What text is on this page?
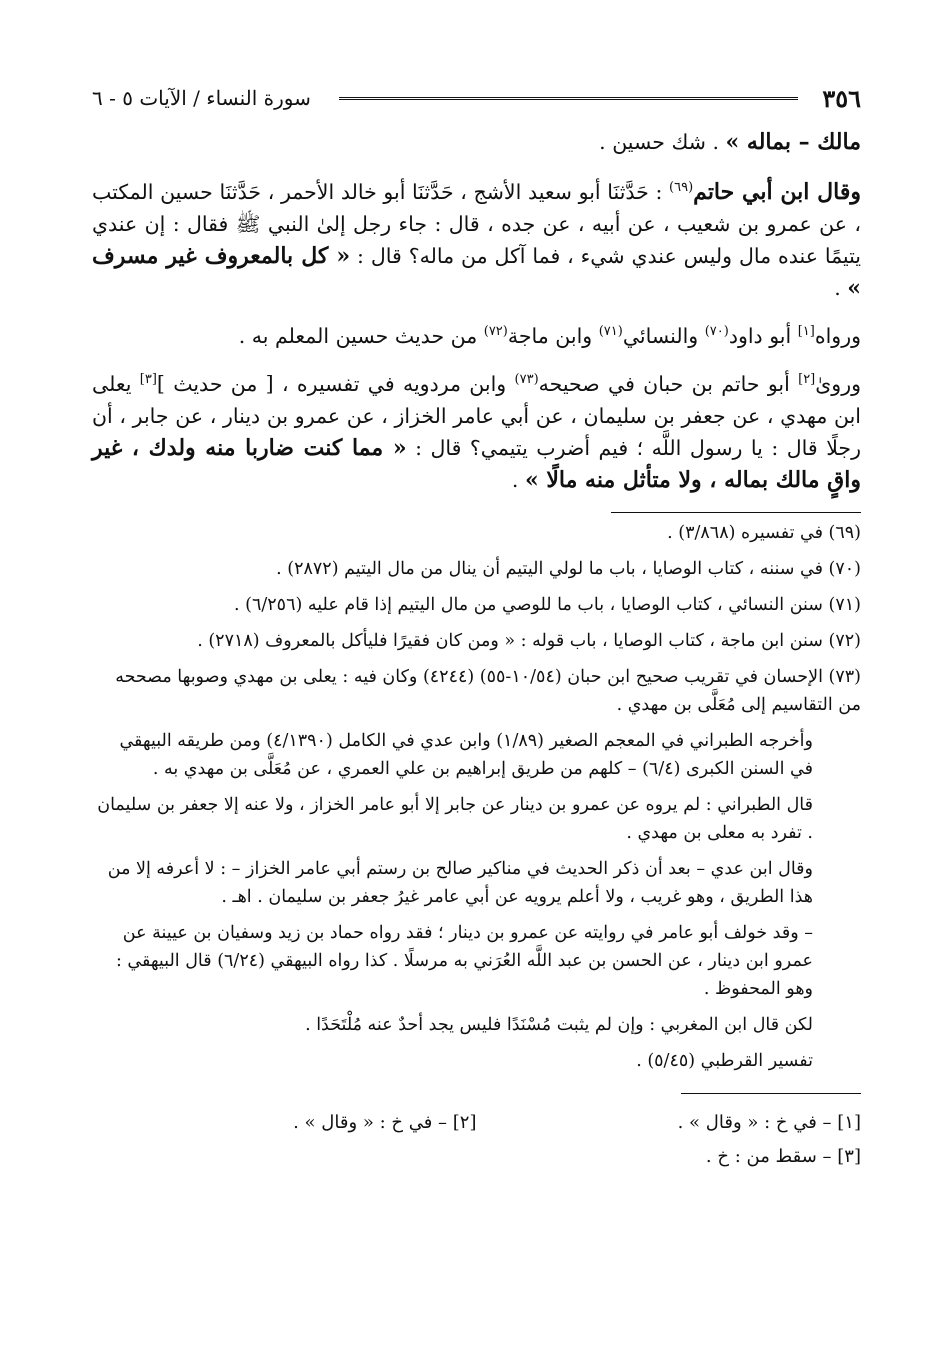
٣٥٦
سورة النساء / الآيات ٥ - ٦

مالك – بماله » . شك حسين .

وقال ابن أبي حاتم$^{(٦٩)}$ : حَدَّثنَا أبو سعيد الأشج ، حَدَّثنَا أبو خالد الأحمر ، حَدَّثنَا حسين المكتب ، عن عمرو بن شعيب ، عن أبيه ، عن جده ، قال : جاء رجل إلىٰ النبي ﷺ فقال : إن عندي يتيمًا عنده مال وليس عندي شيء ، فما آكل من ماله؟ قال : « كل بالمعروف غير مسرف » .

ورواه[١] أبو داود$^{(٧٠)}$ والنسائي$^{(٧١)}$ وابن ماجة$^{(٧٢)}$ من حديث حسين المعلم به .

وروىٰ[٢] أبو حاتم بن حبان في صحيحه$^{(٧٣)}$ وابن مردويه في تفسيره ، [ من حديث ][٣] يعلى ابن مهدي ، عن جعفر بن سليمان ، عن أبي عامر الخزاز ، عن عمرو بن دينار ، عن جابر ، أن رجلًا قال : يا رسول اللَّه ؛ فيم أضرب يتيمي؟ قال : « مما كنت ضاربا منه ولدك ، غير واقٍ مالك بماله ، ولا متأثل منه مالًا » .

(٦٩) في تفسيره (٣/٨٦٨) .

(٧٠) في سننه ، كتاب الوصايا ، باب ما لولي اليتيم أن ينال من مال اليتيم (٢٨٧٢) .

(٧١) سنن النسائي ، كتاب الوصايا ، باب ما للوصي من مال اليتيم إذا قام عليه (٦/٢٥٦) .

(٧٢) سنن ابن ماجة ، كتاب الوصايا ، باب قوله : « ومن كان فقيرًا فليأكل بالمعروف (٢٧١٨) .

(٧٣) الإحسان في تقريب صحيح ابن حبان (١٠/٥٤-٥٥) (٤٢٤٤) وكان فيه : يعلى بن مهدي وصوبها مصححه من التقاسيم إلى مُعَلَّى بن مهدي .

وأخرجه الطبراني في المعجم الصغير (١/٨٩) وابن عدي في الكامل (٤/١٣٩٠) ومن طريقه البيهقي في السنن الكبرى (٦/٤) – كلهم من طريق إبراهيم بن علي العمري ، عن مُعَلَّى بن مهدي به .

قال الطبراني : لم يروه عن عمرو بن دينار عن جابر إلا أبو عامر الخزاز ، ولا عنه إلا جعفر بن سليمان . تفرد به معلى بن مهدي .

وقال ابن عدي – بعد أن ذكر الحديث في مناكير صالح بن رستم أبي عامر الخزاز – : لا أعرفه إلا من هذا الطريق ، وهو غريب ، ولا أعلم يرويه عن أبي عامر غيرُ جعفر بن سليمان . اهـ .

– وقد خولف أبو عامر في روايته عن عمرو بن دينار ؛ فقد رواه حماد بن زيد وسفيان بن عيينة عن عمرو ابن دينار ، عن الحسن بن عبد اللَّه العُرَني به مرسلًا . كذا رواه البيهقي (٦/٢٤) قال البيهقي : وهو المحفوظ .

لكن قال ابن المغربي : وإن لم يثبت مُسْنَدًا فليس يجد أحدٌ عنه مُلْتَحَدًا .

تفسير القرطبي (٥/٤٥) .

[١] – في خ : « وقال » .
[٢] – في خ : « وقال » .
[٣] – سقط من : خ .
